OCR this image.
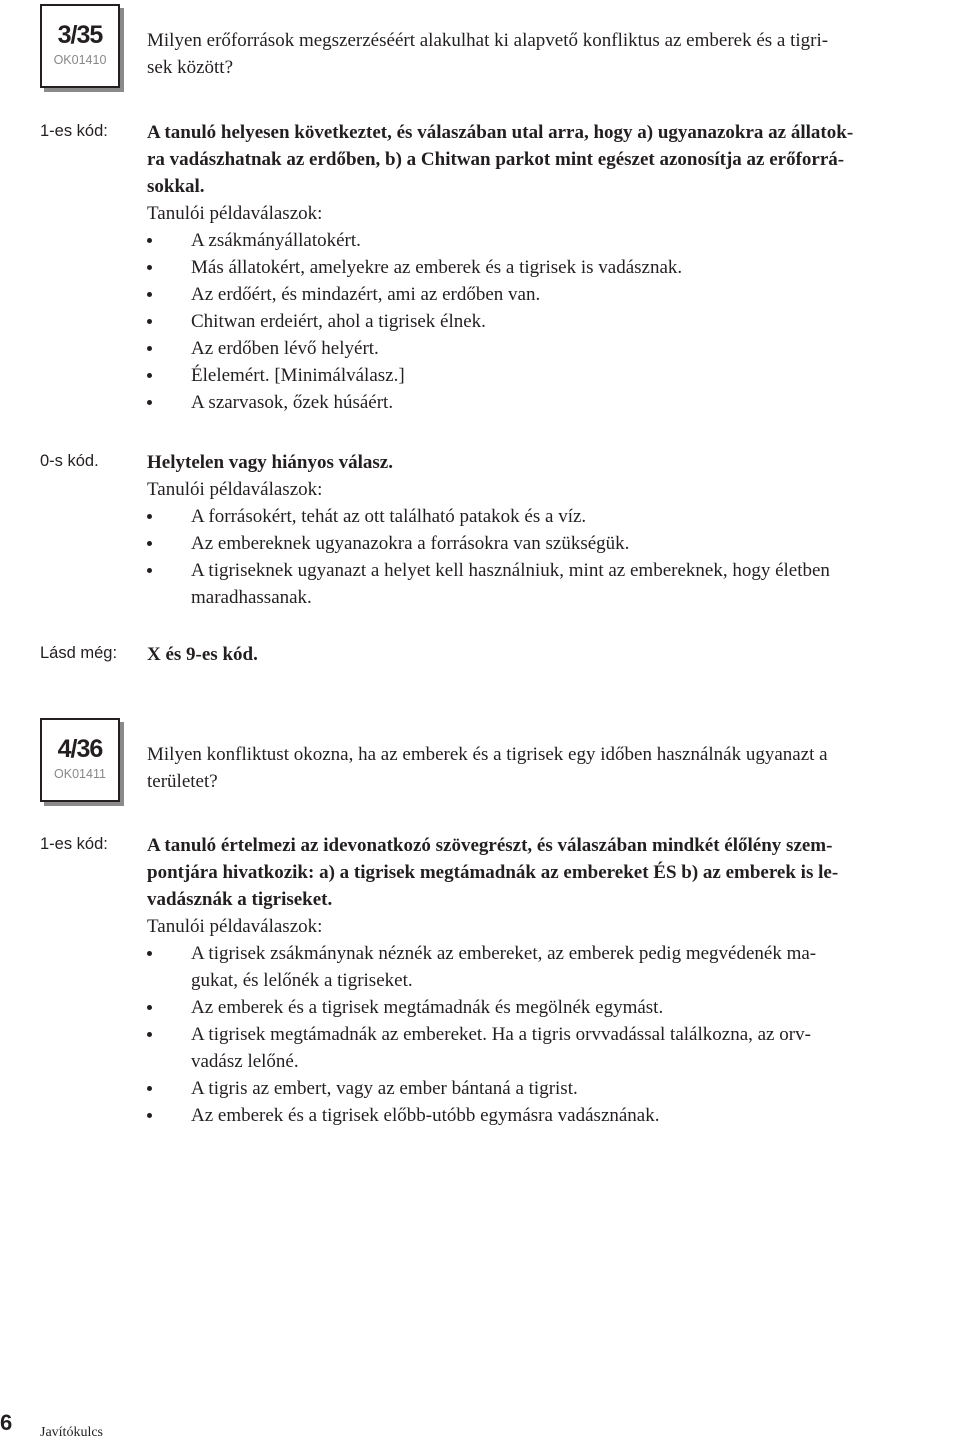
3/35
OK01410

Milyen erőforrások megszerzéséért alakulhat ki alapvető konfliktus az emberek és a tigri-

sek között?

1-es kód: A tanuló helyesen következtet, és válaszában utal arra, hogy a) ugyanazokra az állatok-

ra vadászhatnak az erdőben, b) a Chitwan parkot mint egészet azonosítja az erőforrá-

sokkal.

Tanulói példaválaszok:

A zsákmányállatokért.
Más állatokért, amelyekre az emberek és a tigrisek is vadásznak.
Az erdőért, és mindazért, ami az erdőben van.
Chitwan erdeiért, ahol a tigrisek élnek.
Az erdőben lévő helyért.
Élelemért. [Minimálválasz.]
A szarvasok, őzek húsáért.
0-s kód.	Helytelen vagy hiányos válasz.

Tanulói példaválaszok:

A forrásokért, tehát az ott található patakok és a víz.
Az embereknek ugyanazokra a forrásokra van szükségük.
A tigriseknek ugyanazt a helyet kell használniuk, mint az embereknek, hogy életben
maradhassanak.
Lásd még: X és 9-es kód.

4/36
OK01411

Milyen konfliktust okozna, ha az emberek és a tigrisek egy időben használnák ugyanazt a

területet?

1-es kód: A tanuló értelmezi az idevonatkozó szövegrészt, és válaszában mindkét élőlény szem-

pontjára hivatkozik: a) a tigrisek megtámadnák az embereket ÉS b) az emberek is le-

vadásznák a tigriseket.

Tanulói példaválaszok:

A tigrisek zsákmánynak néznék az embereket, az emberek pedig megvédenék ma-
gukat, és lelőnék a tigriseket.
Az emberek és a tigrisek megtámadnák és megölnék egymást.
A tigrisek megtámadnák az embereket. Ha a tigris orvvadással találkozna, az orv-
vadász lelőné.
A tigris az embert, vagy az ember bántaná a tigrist.
Az emberek és a tigrisek előbb-utóbb egymásra vadásznának.
6 Javítókulcs
